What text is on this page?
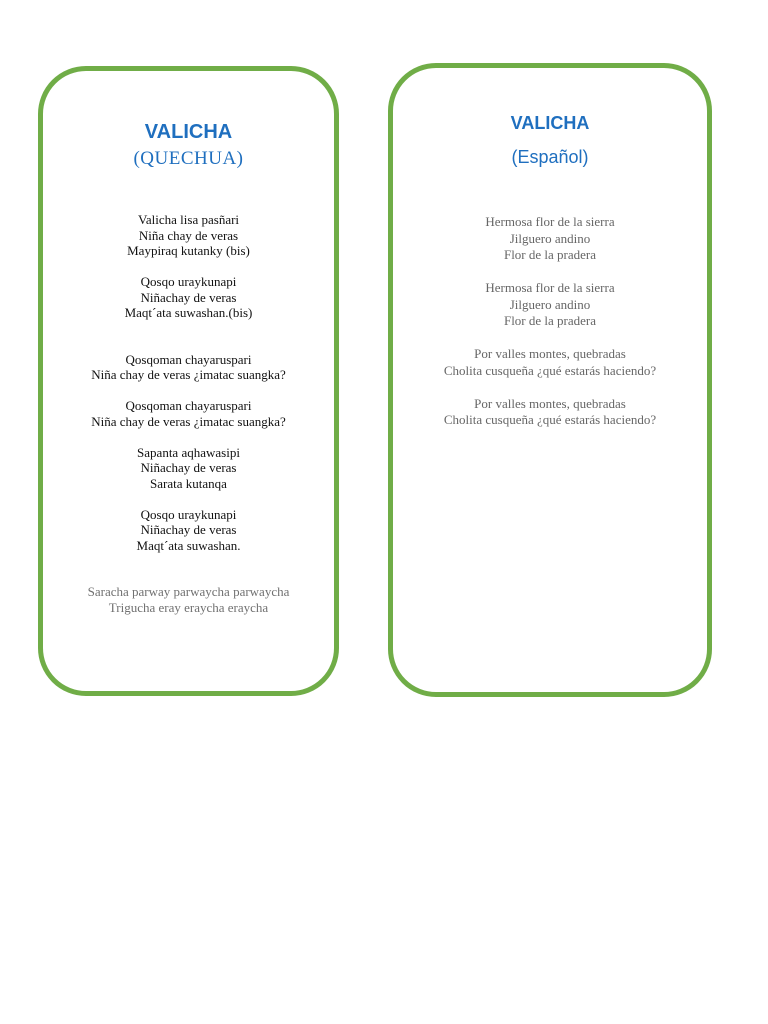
VALICHA
(QUECHUA)

Valicha lisa pasñari
Niña chay de veras
Maypiraq kutanky (bis)

Qosqo uraykunapi
Niñachay de veras
Maqt´ata suwashan.(bis)

Qosqoman chayaruspari
Niña chay de veras ¿imatac suangka?

Qosqoman chayaruspari
Niña chay de veras ¿imatac suangka?

Sapanta aqhawasipi
Niñachay de veras
Sarata kutanqa

Qosqo uraykunapi
Niñachay de veras
Maqt´ata suwashan.

Saracha parway parwaycha parwaycha
Trigucha eray eraycha eraycha

VALICHA
(Español)

Hermosa flor de la sierra
Jilguero andino
Flor de la pradera

Hermosa flor de la sierra
Jilguero andino
Flor de la pradera

Por valles montes, quebradas
Cholita cusqueña ¿qué estarás haciendo?

Por valles montes, quebradas
Cholita cusqueña ¿qué estarás haciendo?
